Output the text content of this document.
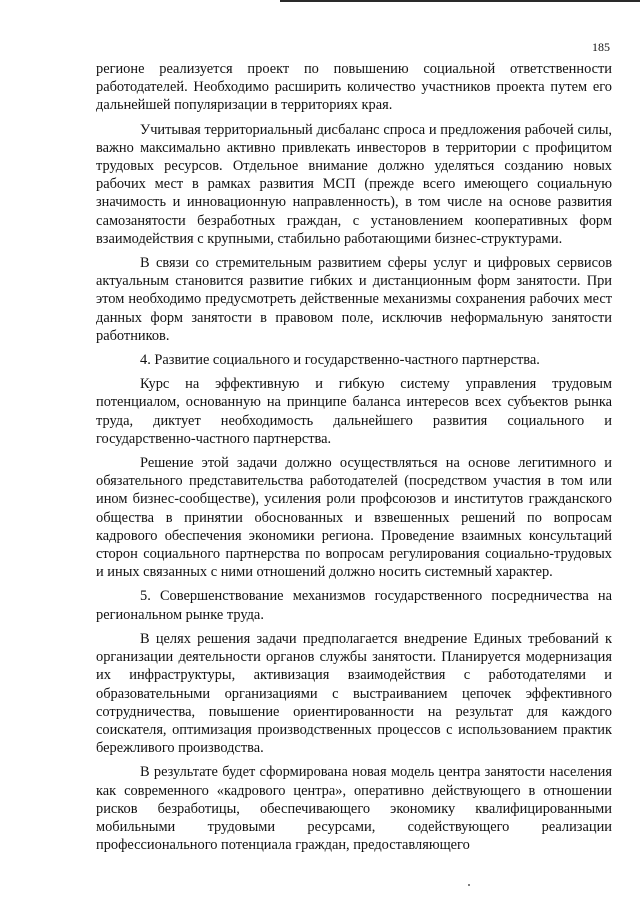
185

регионе реализуется проект по повышению социальной ответственности работодателей. Необходимо расширить количество участников проекта путем его дальнейшей популяризации в территориях края.

Учитывая территориальный дисбаланс спроса и предложения рабочей силы, важно максимально активно привлекать инвесторов в территории с профицитом трудовых ресурсов. Отдельное внимание должно уделяться созданию новых рабочих мест в рамках развития МСП (прежде всего имеющего социальную значимость и инновационную направленность), в том числе на основе развития самозанятости безработных граждан, с установлением кооперативных форм взаимодействия с крупными, стабильно работающими бизнес-структурами.

В связи со стремительным развитием сферы услуг и цифровых сервисов актуальным становится развитие гибких и дистанционным форм занятости. При этом необходимо предусмотреть действенные механизмы сохранения рабочих мест данных форм занятости в правовом поле, исключив неформальную занятости работников.

4. Развитие социального и государственно-частного партнерства.

Курс на эффективную и гибкую систему управления трудовым потенциалом, основанную на принципе баланса интересов всех субъектов рынка труда, диктует необходимость дальнейшего развития социального и государственно-частного партнерства.

Решение этой задачи должно осуществляться на основе легитимного и обязательного представительства работодателей (посредством участия в том или ином бизнес-сообществе), усиления роли профсоюзов и институтов гражданского общества в принятии обоснованных и взвешенных решений по вопросам кадрового обеспечения экономики региона. Проведение взаимных консультаций сторон социального партнерства по вопросам регулирования социально-трудовых и иных связанных с ними отношений должно носить системный характер.

5. Совершенствование механизмов государственного посредничества на региональном рынке труда.

В целях решения задачи предполагается внедрение Единых требований к организации деятельности органов службы занятости. Планируется модернизация их инфраструктуры, активизация взаимодействия с работодателями и образовательными организациями с выстраиванием цепочек эффективного сотрудничества, повышение ориентированности на результат для каждого соискателя, оптимизация производственных процессов с использованием практик бережливого производства.

В результате будет сформирована новая модель центра занятости населения как современного «кадрового центра», оперативно действующего в отношении рисков безработицы, обеспечивающего экономику квалифицированными мобильными трудовыми ресурсами, содействующего реализации профессионального потенциала граждан, предоставляющего
